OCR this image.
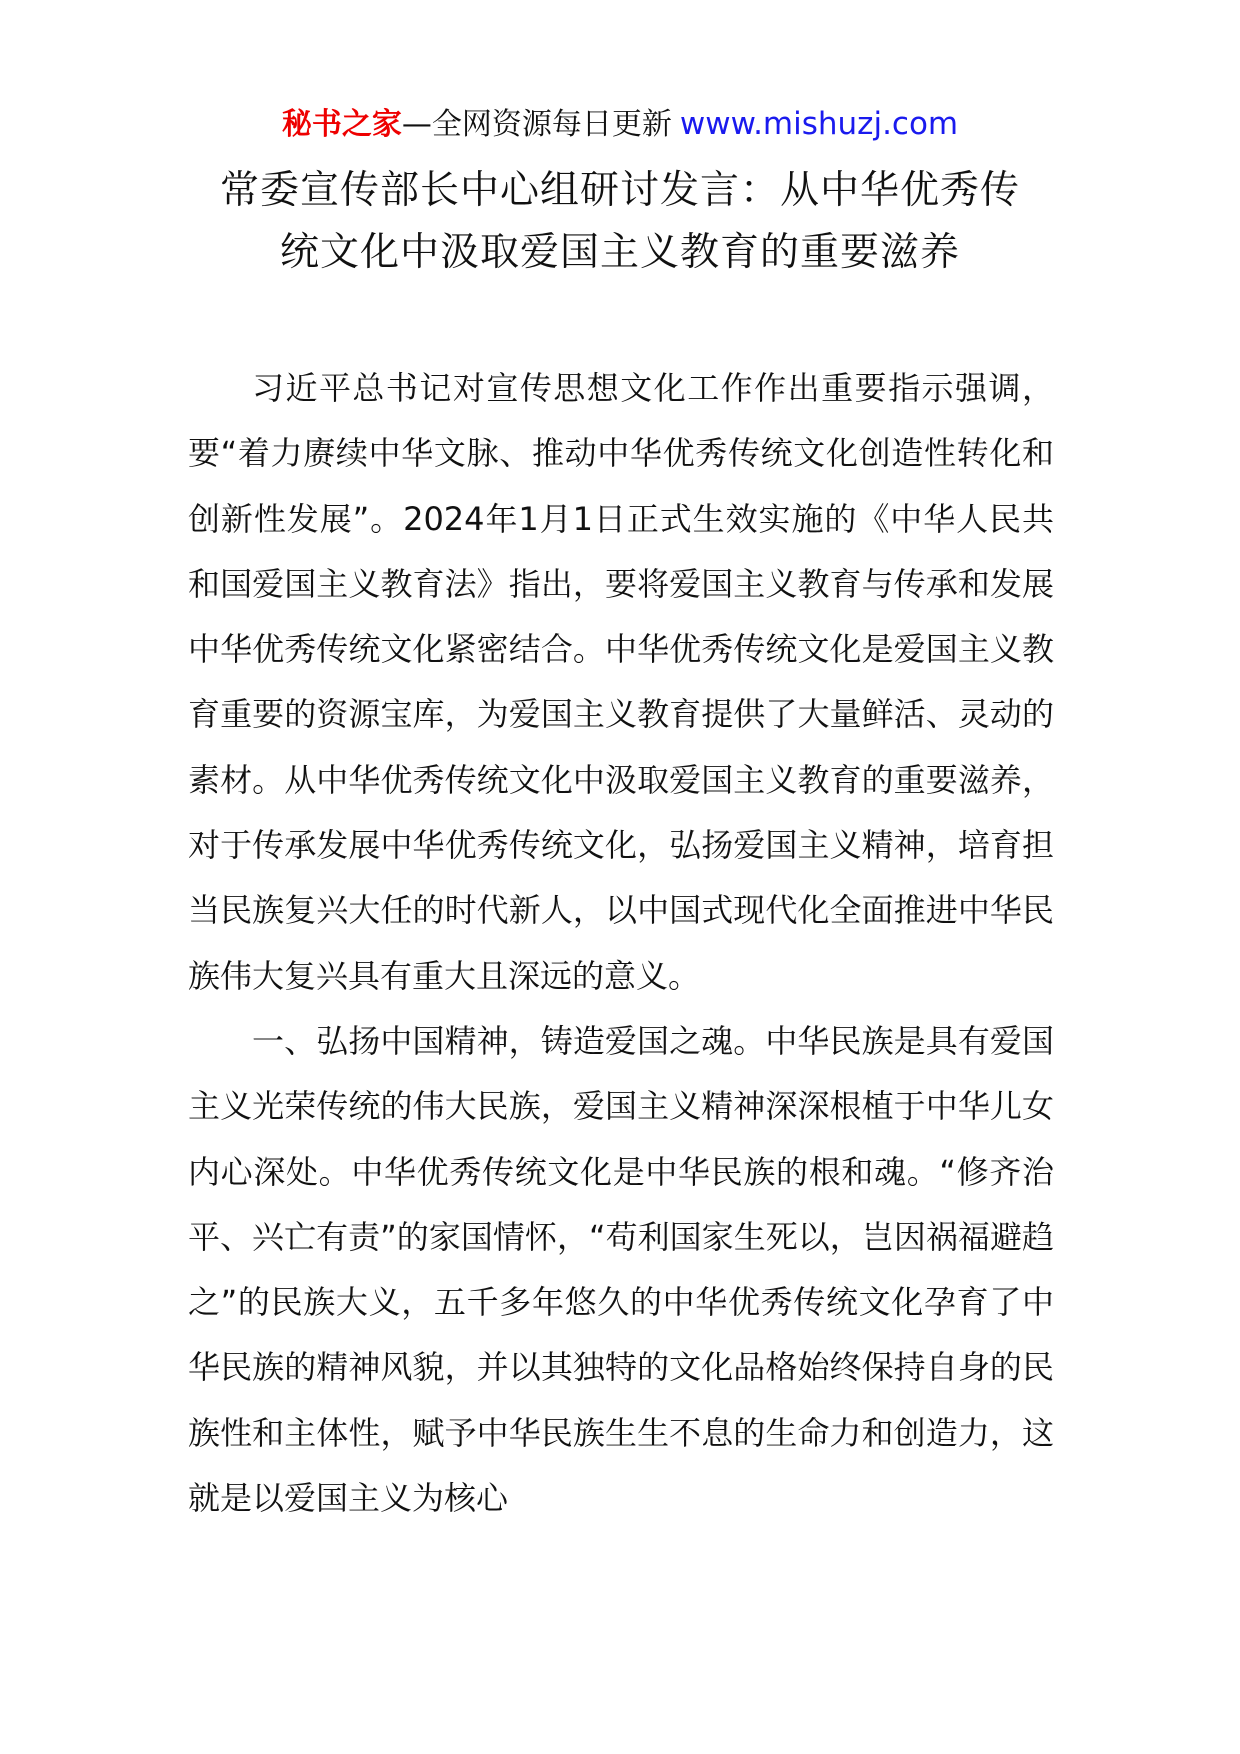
秘书之家—全网资源每日更新 www.mishuzj.com
常委宣传部长中心组研讨发言：从中华优秀传
统文化中汲取爱国主义教育的重要滋养

习近平总书记对宣传思想文化工作作出重要指示强调，要“着力赓续中华文脉、推动中华优秀传统文化创造性转化和创新性发展”。2024年1月1日正式生效实施的《中华人民共和国爱国主义教育法》指出，要将爱国主义教育与传承和发展中华优秀传统文化紧密结合。中华优秀传统文化是爱国主义教育重要的资源宝库，为爱国主义教育提供了大量鲜活、灵动的素材。从中华优秀传统文化中汲取爱国主义教育的重要滋养，对于传承发展中华优秀传统文化，弘扬爱国主义精神，培育担当民族复兴大任的时代新人，以中国式现代化全面推进中华民族伟大复兴具有重大且深远的意义。

一、弘扬中国精神，铸造爱国之魂。中华民族是具有爱国主义光荣传统的伟大民族，爱国主义精神深深根植于中华儿女内心深处。中华优秀传统文化是中华民族的根和魂。“修齐治平、兴亡有责”的家国情怀，“苟利国家生死以，岂因祸福避趋之”的民族大义，五千多年悠久的中华优秀传统文化孕育了中华民族的精神风貌，并以其独特的文化品格始终保持自身的民族性和主体性，赋予中华民族生生不息的生命力和创造力，这就是以爱国主义为核心
